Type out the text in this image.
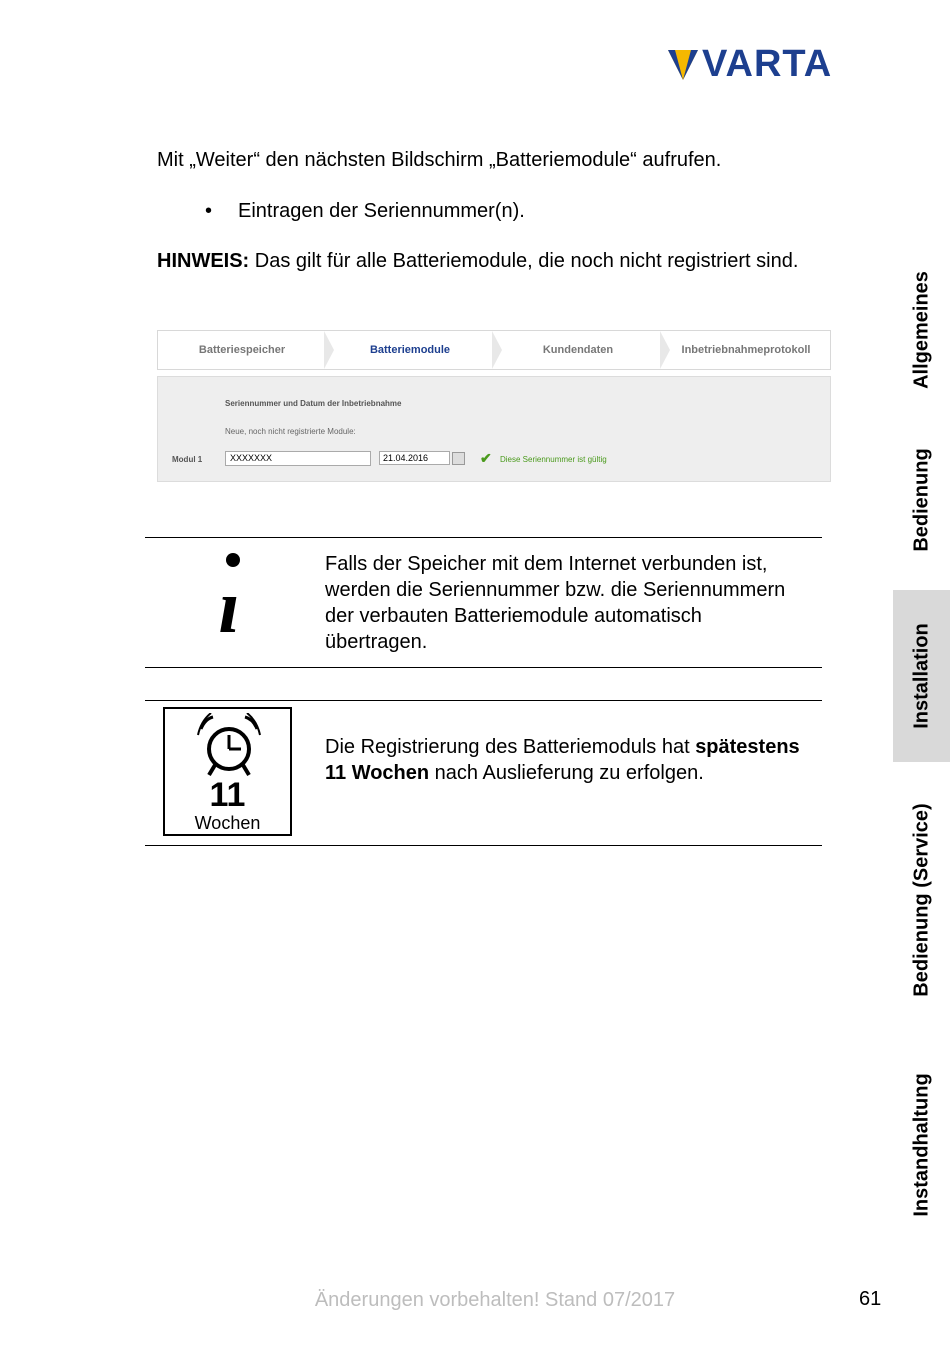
VARTA
Mit „Weiter“ den nächsten Bildschirm „Batteriemodule“ aufrufen.
• Eintragen der Seriennummer(n).
HINWEIS: Das gilt für alle Batteriemodule, die noch nicht registriert sind.
Batteriespeicher	Batteriemodule	Kundendaten	Inbetriebnahmeprotokoll
Seriennummer und Datum der Inbetriebnahme
Neue, noch nicht registrierte Module:
Modul 1	XXXXXXX	21.04.2016	✔ Diese Seriennummer ist gültig
ı
Falls der Speicher mit dem Internet verbunden ist, werden die Seriennummer bzw. die Seriennummern der verbauten Batteriemodule automatisch übertragen.
11
Wochen
Die Registrierung des Batteriemoduls hat spätestens 11 Wochen nach Auslieferung zu erfolgen.
Allgemeines
Bedienung
Installation
Bedienung (Service)
Instandhaltung
Änderungen vorbehalten! Stand 07/2017	61
